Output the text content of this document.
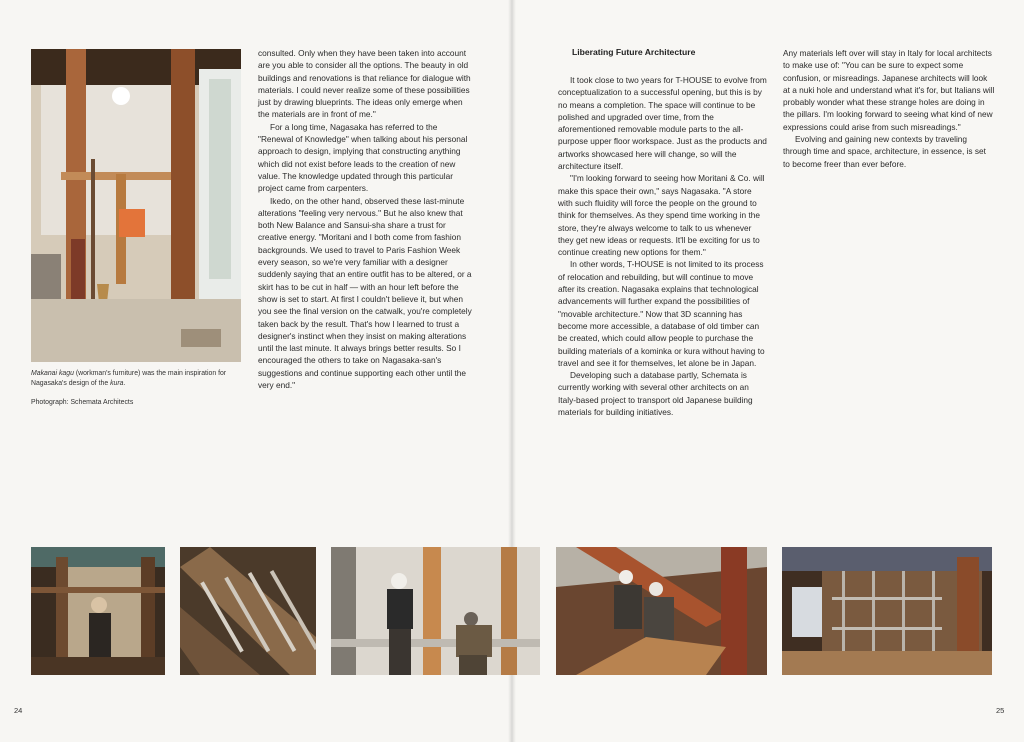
Makanai kagu (workman's furniture) was the main inspiration for Nagasaka's design of the kura.
Photograph: Schemata Architects

consulted. Only when they have been taken into account are you able to consider all the options. The beauty in old buildings and renovations is that reliance for dialogue with materials. I could never realize some of these possibilities just by drawing blueprints. The ideas only emerge when the materials are in front of me."

For a long time, Nagasaka has referred to the "Renewal of Knowledge" when talking about his personal approach to design, implying that constructing anything which did not exist before leads to the creation of new value. The knowledge updated through this particular project came from carpenters.

Ikedo, on the other hand, observed these last-minute alterations "feeling very nervous." But he also knew that both New Balance and Sansui-sha share a trust for creative energy. "Moritani and I both come from fashion backgrounds. We used to travel to Paris Fashion Week every season, so we're very familiar with a designer suddenly saying that an entire outfit has to be altered, or a skirt has to be cut in half — with an hour left before the show is set to start. At first I couldn't believe it, but when you see the final version on the catwalk, you're completely taken back by the result. That's how I learned to trust a designer's instinct when they insist on making alterations until the last minute. It always brings better results. So I encouraged the others to take on Nagasaka-san's suggestions and continue supporting each other until the very end."

Liberating Future Architecture

It took close to two years for T-HOUSE to evolve from conceptualization to a successful opening, but this is by no means a completion. The space will continue to be polished and upgraded over time, from the aforementioned removable module parts to the all-purpose upper floor workspace. Just as the products and artworks showcased here will change, so will the architecture itself.

"I'm looking forward to seeing how Moritani & Co. will make this space their own," says Nagasaka. "A store with such fluidity will force the people on the ground to think for themselves. As they spend time working in the store, they're always welcome to talk to us whenever they get new ideas or requests. It'll be exciting for us to continue creating new options for them."

In other words, T-HOUSE is not limited to its process of relocation and rebuilding, but will continue to move after its creation. Nagasaka explains that technological advancements will further expand the possibilities of "movable architecture." Now that 3D scanning has become more accessible, a database of old timber can be created, which could allow people to purchase the building materials of a kominka or kura without having to travel and see it for themselves, let alone be in Japan.

Developing such a database partly, Schemata is currently working with several other architects on an Italy-based project to transport old Japanese building materials for building initiatives.

Any materials left over will stay in Italy for local architects to make use of: "You can be sure to expect some confusion, or misreadings. Japanese architects will look at a nuki hole and understand what it's for, but Italians will probably wonder what these strange holes are doing in the pillars. I'm looking forward to seeing what kind of new expressions could arise from such misreadings."

Evolving and gaining new contexts by traveling through time and space, architecture, in essence, is set to become freer than ever before.

24	25
